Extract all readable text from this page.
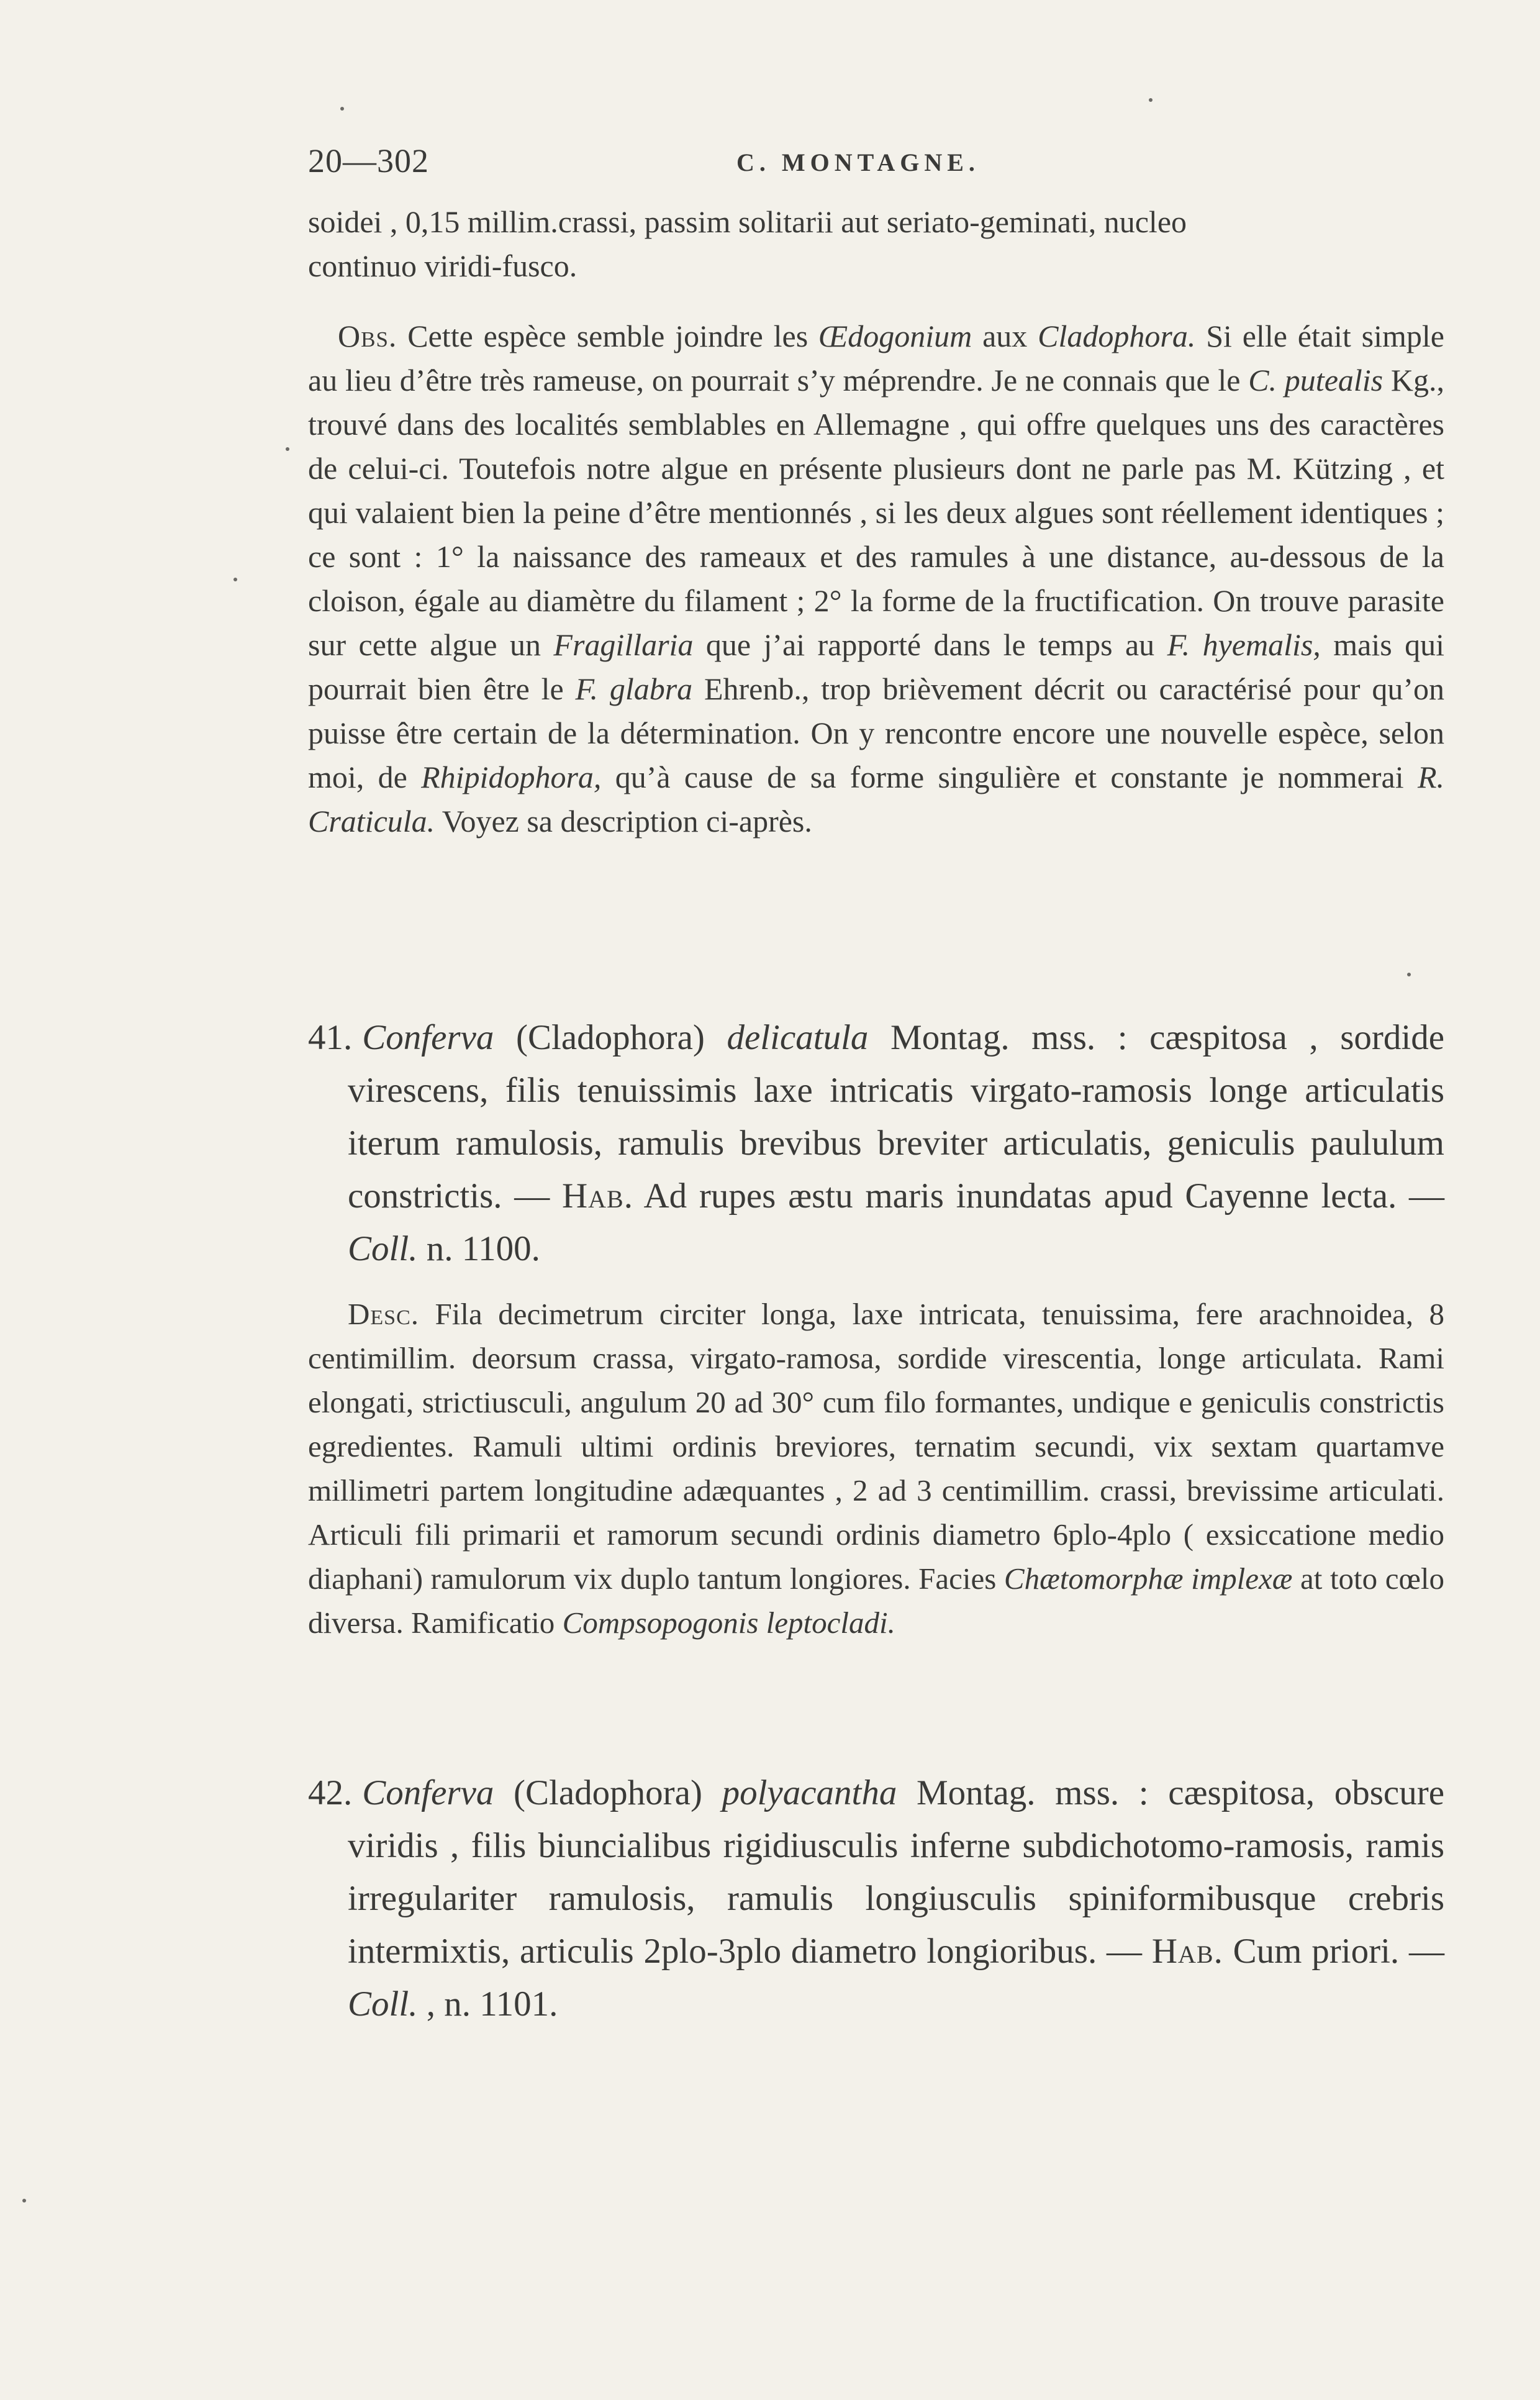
20—302	C. MONTAGNE.

soidei , 0,15 millim.crassi, passim solitarii aut seriato-geminati, nucleo
continuo viridi-fusco.

Obs. Cette espèce semble joindre les Œdogonium aux Cladophora. Si elle était simple au lieu d’être très rameuse, on pourrait s’y méprendre. Je ne connais que le C. putealis Kg., trouvé dans des localités semblables en Allemagne , qui offre quelques uns des caractères de celui-ci. Toutefois notre algue en présente plusieurs dont ne parle pas M. Kützing , et qui valaient bien la peine d’être mentionnés , si les deux algues sont réellement identiques ; ce sont : 1° la naissance des rameaux et des ramules à une distance, au-dessous de la cloison, égale au diamètre du filament ; 2° la forme de la fructification. On trouve parasite sur cette algue un Fragillaria que j’ai rapporté dans le temps au F. hyemalis, mais qui pourrait bien être le F. glabra Ehrenb., trop brièvement décrit ou caractérisé pour qu’on puisse être certain de la détermination. On y rencontre encore une nouvelle espèce, selon moi, de Rhipidophora, qu’à cause de sa forme singulière et constante je nommerai R. Craticula. Voyez sa description ci-après.

41. Conferva (Cladophora) delicatula Montag. mss. : cæspitosa , sordide virescens, filis tenuissimis laxe intricatis virgato-ramosis longe articulatis iterum ramulosis, ramulis brevibus breviter articulatis, geniculis paululum constrictis. — Hab. Ad rupes æstu maris inundatas apud Cayenne lecta. — Coll. n. 1100.

Desc. Fila decimetrum circiter longa, laxe intricata, tenuissima, fere arachnoidea, 8 centimillim. deorsum crassa, virgato-ramosa, sordide virescentia, longe articulata. Rami elongati, strictiusculi, angulum 20 ad 30° cum filo formantes, undique e geniculis constrictis egredientes. Ramuli ultimi ordinis breviores, ternatim secundi, vix sextam quartamve millimetri partem longitudine adæquantes , 2 ad 3 centimillim. crassi, brevissime articulati. Articuli fili primarii et ramorum secundi ordinis diametro 6plo-4plo ( exsiccatione medio diaphani) ramulorum vix duplo tantum longiores. Facies Chætomorphæ implexæ at toto cœlo diversa. Ramificatio Compsopogonis leptocladi.

42. Conferva (Cladophora) polyacantha Montag. mss. : cæspitosa, obscure viridis , filis biuncialibus rigidiusculis inferne subdichotomo-ramosis, ramis irregulariter ramulosis, ramulis longiusculis spiniformibusque crebris intermixtis, articulis 2plo-3plo diametro longioribus. — Hab. Cum priori. — Coll. , n. 1101.
